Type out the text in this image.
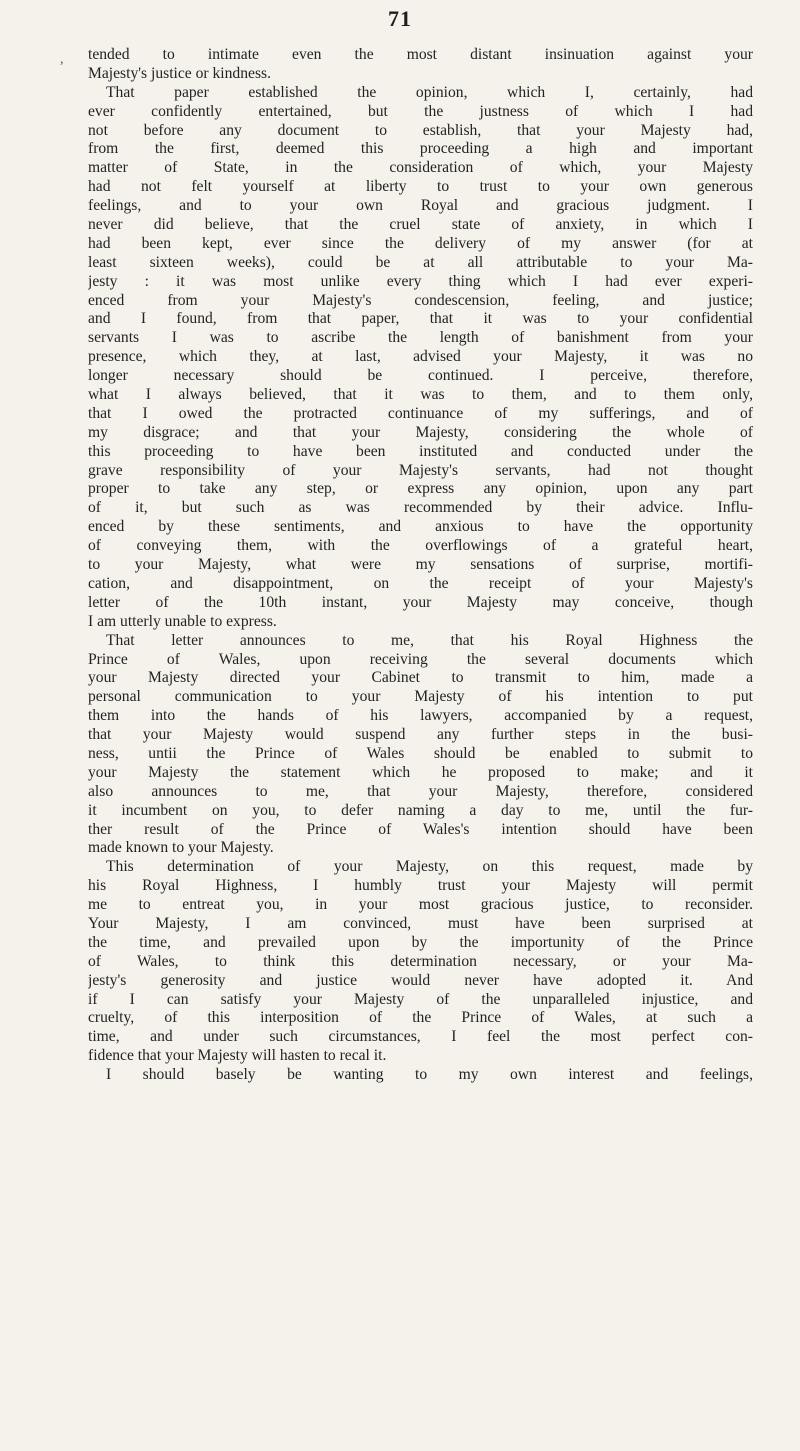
71
tended to intimate even the most distant insinuation against your
Majesty's justice or kindness.
That paper established the opinion, which I, certainly, had
ever confidently entertained, but the justness of which I had
not before any document to establish, that your Majesty had,
from the first, deemed this proceeding a high and important
matter of State, in the consideration of which, your Majesty
had not felt yourself at liberty to trust to your own generous
feelings, and to your own Royal and gracious judgment. I
never did believe, that the cruel state of anxiety, in which I
had been kept, ever since the delivery of my answer (for at
least sixteen weeks), could be at all attributable to your Ma-
jesty : it was most unlike every thing which I had ever experi-
enced from your Majesty's condescension, feeling, and justice;
and I found, from that paper, that it was to your confidential
servants I was to ascribe the length of banishment from your
presence, which they, at last, advised your Majesty, it was no
longer necessary should be continued. I perceive, therefore,
what I always believed, that it was to them, and to them only,
that I owed the protracted continuance of my sufferings, and of
my disgrace; and that your Majesty, considering the whole of
this proceeding to have been instituted and conducted under the
grave responsibility of your Majesty's servants, had not thought
proper to take any step, or express any opinion, upon any part
of it, but such as was recommended by their advice. Influ-
enced by these sentiments, and anxious to have the opportunity
of conveying them, with the overflowings of a grateful heart,
to your Majesty, what were my sensations of surprise, mortifi-
cation, and disappointment, on the receipt of your Majesty's
letter of the 10th instant, your Majesty may conceive, though
I am utterly unable to express.
That letter announces to me, that his Royal Highness the
Prince of Wales, upon receiving the several documents which
your Majesty directed your Cabinet to transmit to him, made a
personal communication to your Majesty of his intention to put
them into the hands of his lawyers, accompanied by a request,
that your Majesty would suspend any further steps in the busi-
ness, untii the Prince of Wales should be enabled to submit to
your Majesty the statement which he proposed to make; and it
also announces to me, that your Majesty, therefore, considered
it incumbent on you, to defer naming a day to me, until the fur-
ther result of the Prince of Wales's intention should have been
made known to your Majesty.
This determination of your Majesty, on this request, made by
his Royal Highness, I humbly trust your Majesty will permit
me to entreat you, in your most gracious justice, to reconsider.
Your Majesty, I am convinced, must have been surprised at
the time, and prevailed upon by the importunity of the Prince
of Wales, to think this determination necessary, or your Ma-
jesty's generosity and justice would never have adopted it. And
if I can satisfy your Majesty of the unparalleled injustice, and
cruelty, of this interposition of the Prince of Wales, at such a
time, and under such circumstances, I feel the most perfect con-
fidence that your Majesty will hasten to recal it.
I should basely be wanting to my own interest and feelings,
,
